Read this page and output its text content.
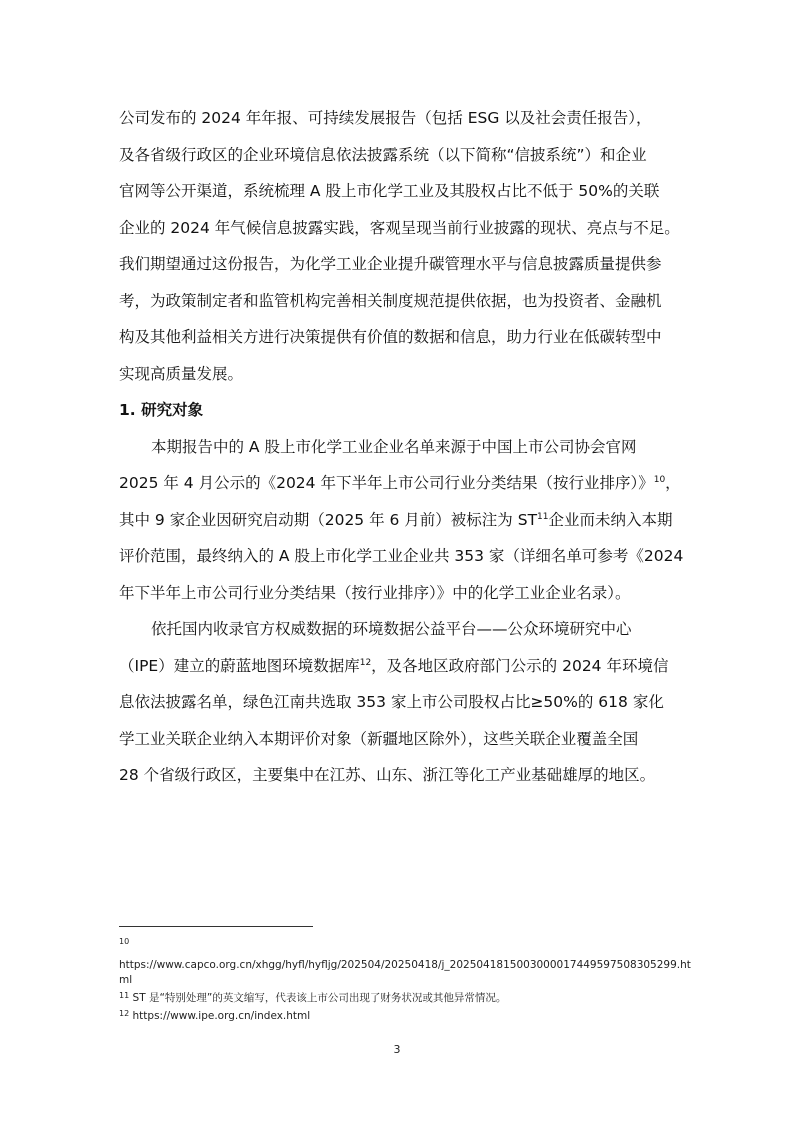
公司发布的 2024 年年报、可持续发展报告（包括 ESG 以及社会责任报告），
及各省级行政区的企业环境信息依法披露系统（以下简称“信披系统”）和企业
官网等公开渠道，系统梳理 A 股上市化学工业及其股权占比不低于 50%的关联
企业的 2024 年气候信息披露实践，客观呈现当前行业披露的现状、亮点与不足。
我们期望通过这份报告，为化学工业企业提升碳管理水平与信息披露质量提供参
考，为政策制定者和监管机构完善相关制度规范提供依据，也为投资者、金融机
构及其他利益相关方进行决策提供有价值的数据和信息，助力行业在低碳转型中
实现高质量发展。

1. 研究对象

本期报告中的 A 股上市化学工业企业名单来源于中国上市公司协会官网
2025 年 4 月公示的《2024 年下半年上市公司行业分类结果（按行业排序）》$^{10}$，
其中 9 家企业因研究启动期（2025 年 6 月前）被标注为 ST$^{11}$企业而未纳入本期
评价范围，最终纳入的 A 股上市化学工业企业共 353 家（详细名单可参考《2024
年下半年上市公司行业分类结果（按行业排序）》中的化学工业企业名录）。

依托国内收录官方权威数据的环境数据公益平台——公众环境研究中心
（IPE）建立的蔚蓝地图环境数据库$^{12}$，及各地区政府部门公示的 2024 年环境信
息依法披露名单，绿色江南共选取 353 家上市公司股权占比≥50%的 618 家化
学工业关联企业纳入本期评价对象（新疆地区除外），这些关联企业覆盖全国
28 个省级行政区，主要集中在江苏、山东、浙江等化工产业基础雄厚的地区。

$^{10}$
https://www.capco.org.cn/xhgg/hyfl/hyfljg/202504/20250418/j_2025041815003000017449597508305299.ht
ml
$^{11}$ ST 是“特别处理”的英文缩写，代表该上市公司出现了财务状况或其他异常情况。
$^{12}$ https://www.ipe.org.cn/index.html
3
